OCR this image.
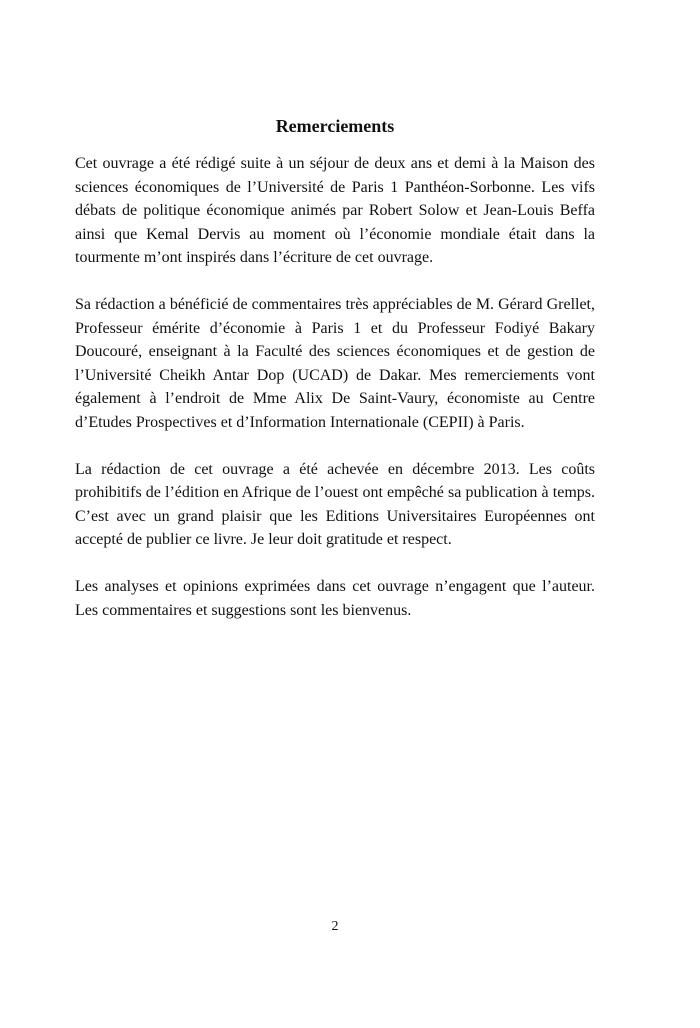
Remerciements

Cet ouvrage a été rédigé suite à un séjour de deux ans et demi à la Maison des sciences économiques de l’Université de Paris 1 Panthéon-Sorbonne. Les vifs débats de politique économique animés par Robert Solow et Jean-Louis Beffa ainsi que Kemal Dervis au moment où l’économie mondiale était dans la tourmente m’ont inspirés dans l’écriture de cet ouvrage.

Sa rédaction a bénéficié de commentaires très appréciables de M. Gérard Grellet, Professeur émérite d’économie à Paris 1 et du Professeur Fodiyé Bakary Doucouré, enseignant à la Faculté des sciences économiques et de gestion de l’Université Cheikh Antar Dop (UCAD) de Dakar. Mes remerciements vont également à l’endroit de Mme Alix De Saint-Vaury, économiste au Centre d’Etudes Prospectives et d’Information Internationale (CEPII) à Paris.

La rédaction de cet ouvrage a été achevée en décembre 2013. Les coûts prohibitifs de l’édition en Afrique de l’ouest ont empêché sa publication à temps. C’est avec un grand plaisir que les Editions Universitaires Européennes ont accepté de publier ce livre. Je leur doit gratitude et respect.

Les analyses et opinions exprimées dans cet ouvrage n’engagent que l’auteur. Les commentaires et suggestions sont les bienvenus.

2
